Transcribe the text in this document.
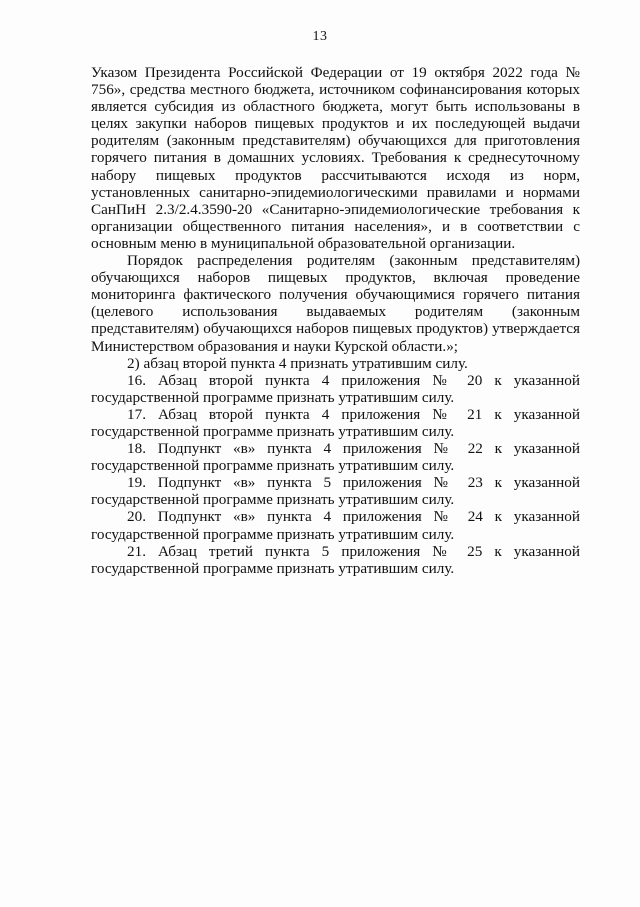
13

Указом Президента Российской Федерации от 19 октября 2022 года № 756», средства местного бюджета, источником софинансирования которых является субсидия из областного бюджета, могут быть использованы в целях закупки наборов пищевых продуктов и их последующей выдачи родителям (законным представителям) обучающихся для приготовления горячего питания в домашних условиях. Требования к среднесуточному набору пищевых продуктов рассчитываются исходя из норм, установленных санитарно-эпидемиологическими правилами и нормами СанПиН 2.3/2.4.3590-20 «Санитарно-эпидемиологические требования к организации общественного питания населения», и в соответствии с основным меню в муниципальной образовательной организации.

Порядок распределения родителям (законным представителям) обучающихся наборов пищевых продуктов, включая проведение мониторинга фактического получения обучающимися горячего питания (целевого использования выдаваемых родителям (законным представителям) обучающихся наборов пищевых продуктов) утверждается Министерством образования и науки Курской области.»;

2) абзац второй пункта 4 признать утратившим силу.

16. Абзац второй пункта 4 приложения № 20 к указанной государственной программе признать утратившим силу.

17. Абзац второй пункта 4 приложения № 21 к указанной государственной программе признать утратившим силу.

18. Подпункт «в» пункта 4 приложения № 22 к указанной государственной программе признать утратившим силу.

19. Подпункт «в» пункта 5 приложения № 23 к указанной государственной программе признать утратившим силу.

20. Подпункт «в» пункта 4 приложения № 24 к указанной государственной программе признать утратившим силу.

21. Абзац третий пункта 5 приложения № 25 к указанной государственной программе признать утратившим силу.
